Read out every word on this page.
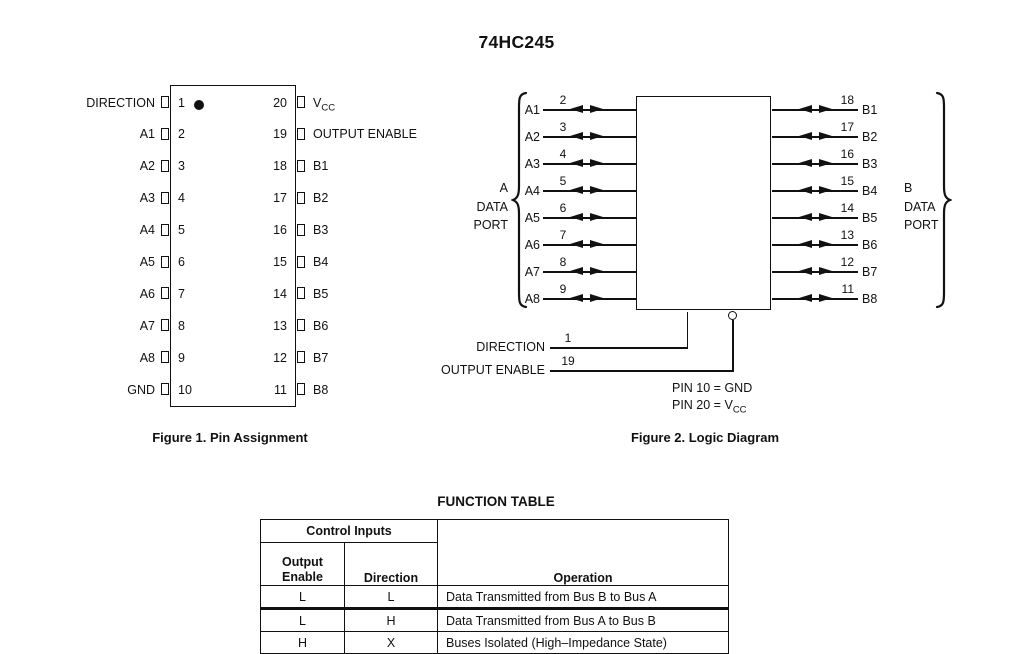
74HC245
DIRECTION 1
A1 2
A2 3
A3 4
A4 5
A5 6
A6 7
A7 8
A8 9
GND 10
20 $V_{CC}$
19 OUTPUT ENABLE
18 B1
17 B2
16 B3
15 B4
14 B5
13 B6
12 B7
11 B8
Figure 1. Pin Assignment
A
DATA
PORT
B
DATA
PORT
A1
2
A2
3
A3
4
A4
5
A5
6
A6
7
A7
8
A8
9
18
B1
17
B2
16
B3
15
B4
14
B5
13
B6
12
B7
11
B8
DIRECTION
1
OUTPUT ENABLE
19
PIN 10 = GND
PIN $20 = V_{CC}$
Figure 2. Logic Diagram
FUNCTION TABLE
Control Inputs		Operation
Output Enable	Direction	
L	L	Data Transmitted from Bus B to Bus A
L	H	Data Transmitted from Bus A to Bus B
H	X	Buses Isolated (High–Impedance State)
